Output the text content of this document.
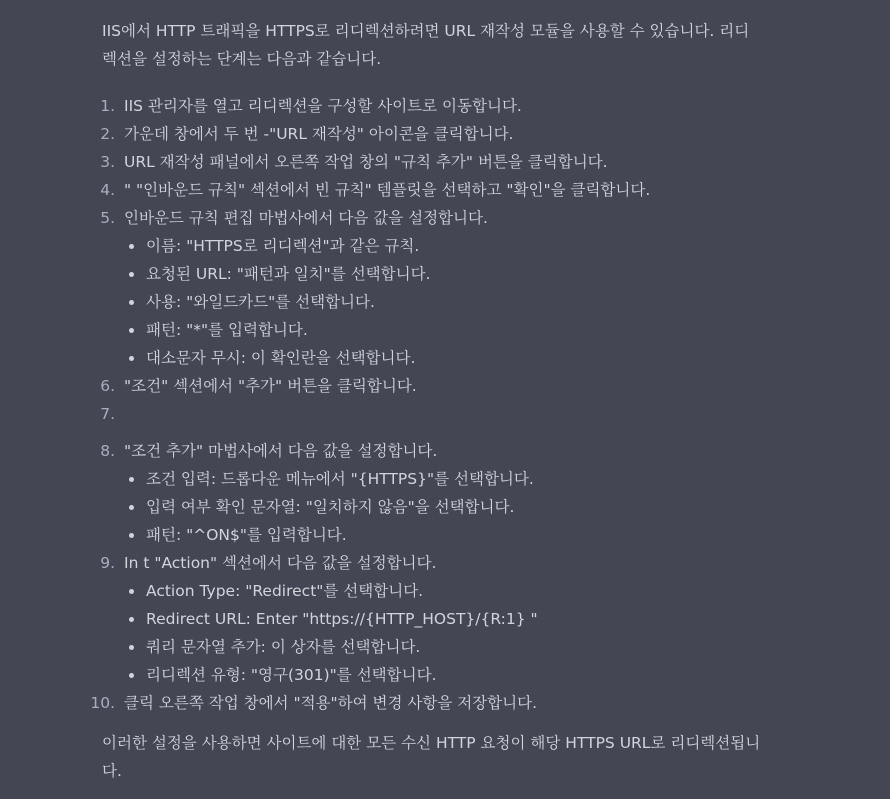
IIS에서 HTTP 트래픽을 HTTPS로 리디렉션하려면 URL 재작성 모듈을 사용할 수 있습니다. 리디렉션을 설정하는 단계는 다음과 같습니다.

1. IIS 관리자를 열고 리디렉션을 구성할 사이트로 이동합니다.
2. 가운데 창에서 두 번 -"URL 재작성" 아이콘을 클릭합니다.
3. URL 재작성 패널에서 오른쪽 작업 창의 "규칙 추가" 버튼을 클릭합니다.
4. " "인바운드 규칙" 섹션에서 빈 규칙" 템플릿을 선택하고 "확인"을 클릭합니다.
5. 인바운드 규칙 편집 마법사에서 다음 값을 설정합니다.
이름: "HTTPS로 리디렉션"과 같은 규칙.
요청된 URL: "패턴과 일치"를 선택합니다.
사용: "와일드카드"를 선택합니다.
패턴: "*"를 입력합니다.
대소문자 무시: 이 확인란을 선택합니다.
6. "조건" 섹션에서 "추가" 버튼을 클릭합니다.
7.
8. "조건 추가" 마법사에서 다음 값을 설정합니다.
조건 입력: 드롭다운 메뉴에서 "{HTTPS}"를 선택합니다.
입력 여부 확인 문자열: "일치하지 않음"을 선택합니다.
패턴: "^ON$"를 입력합니다.
9. In t "Action" 섹션에서 다음 값을 설정합니다.
Action Type: "Redirect"를 선택합니다.
Redirect URL: Enter "https://{HTTP_HOST}/{R:1} "
쿼리 문자열 추가: 이 상자를 선택합니다.
리디렉션 유형: "영구(301)"를 선택합니다.
10. 클릭 오른쪽 작업 창에서 "적용"하여 변경 사항을 저장합니다.

이러한 설정을 사용하면 사이트에 대한 모든 수신 HTTP 요청이 해당 HTTPS URL로 리디렉션됩니다.
